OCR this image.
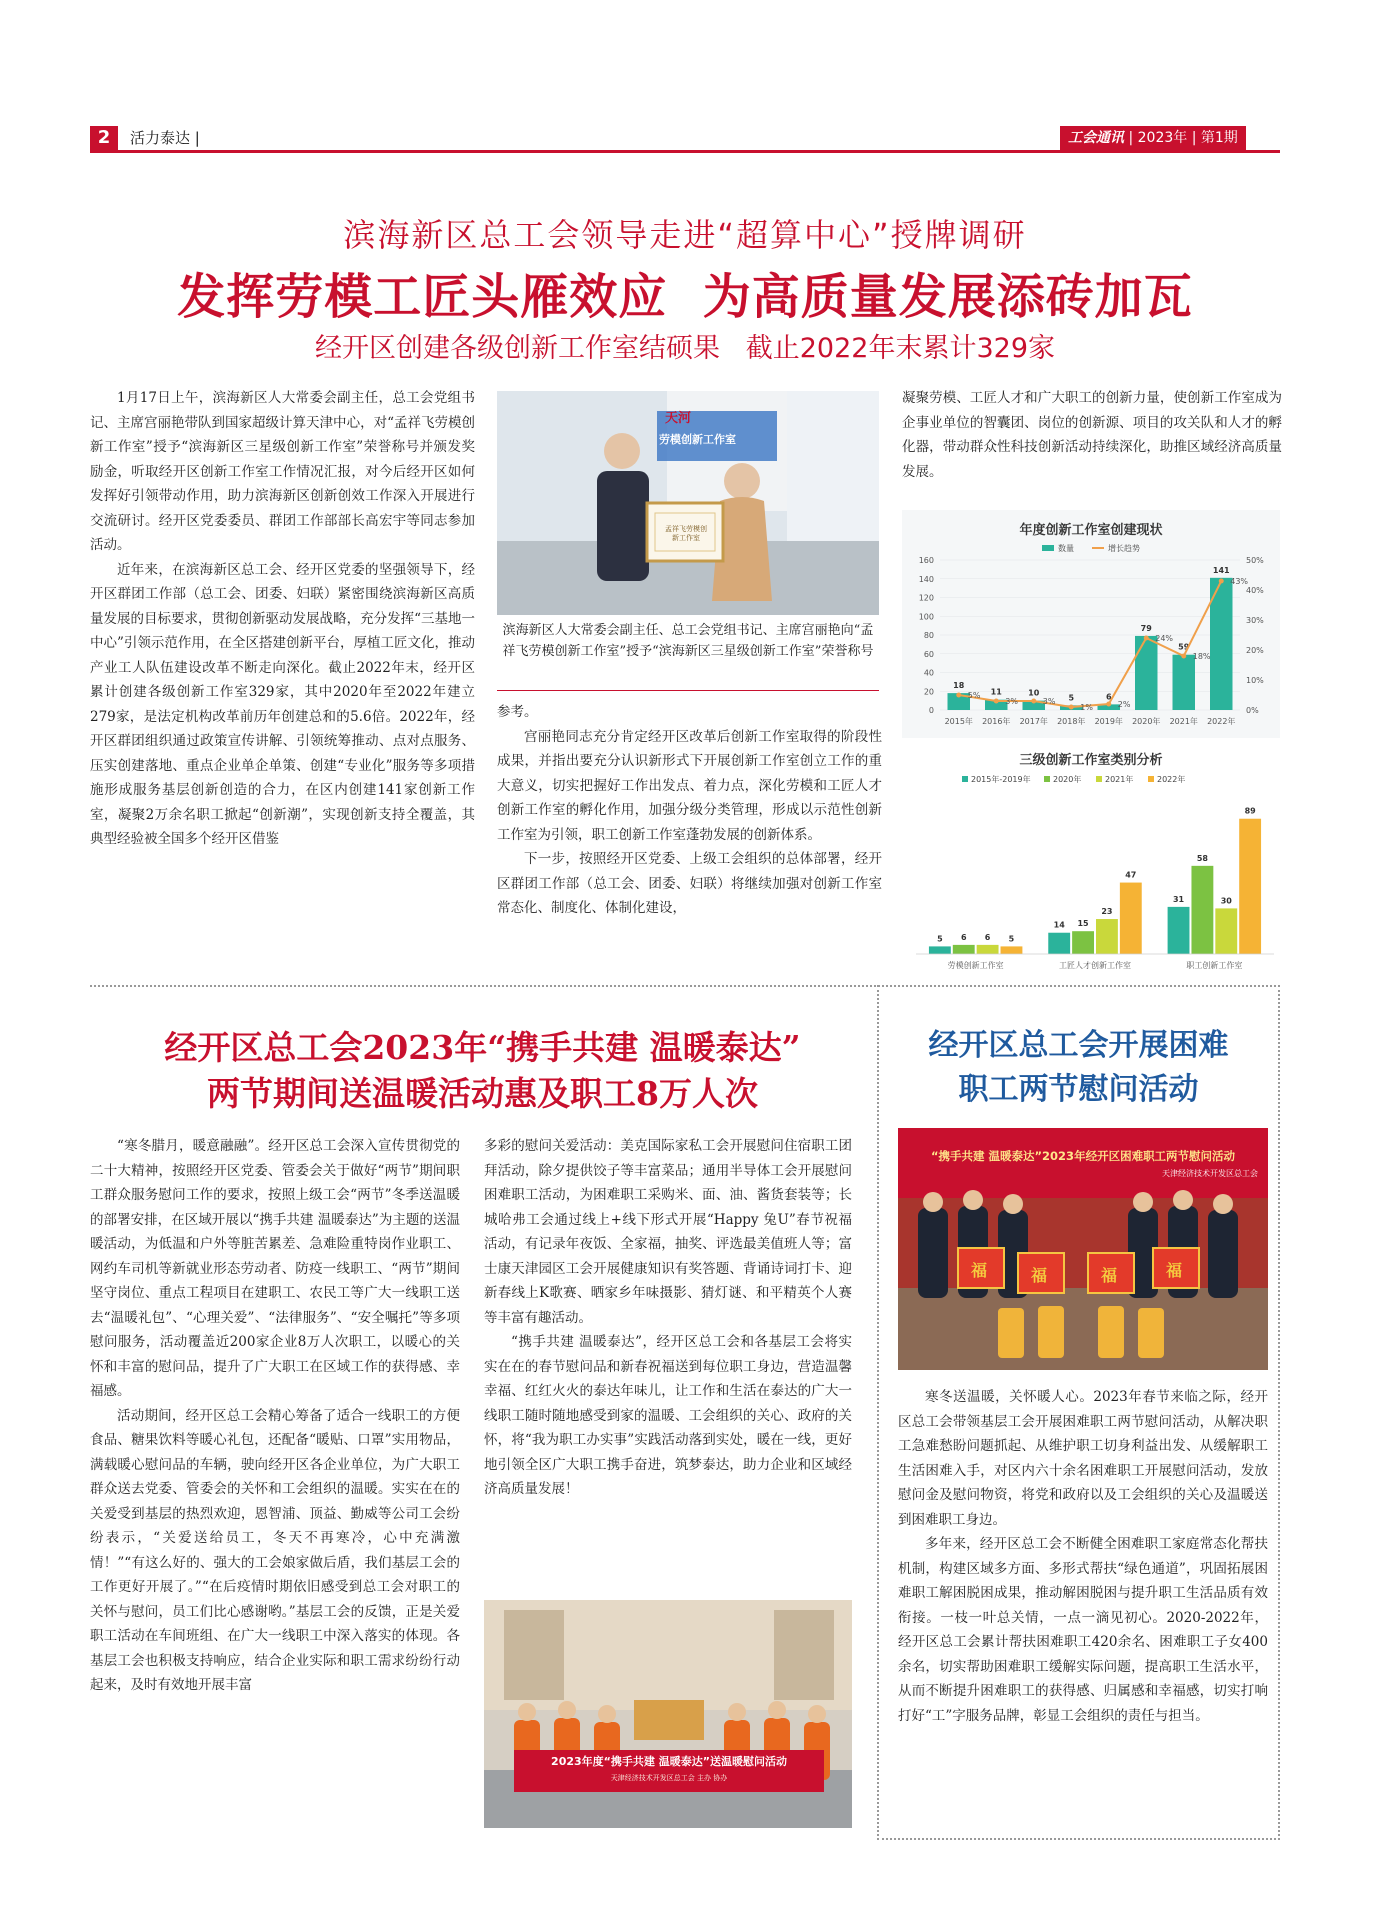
2	活力泰达 |	工会通讯 | 2023年 | 第1期
滨海新区总工会领导走进“超算中心”授牌调研
发挥劳模工匠头雁效应  为高质量发展添砖加瓦
经开区创建各级创新工作室结硕果   截止2022年末累计329家

1月17日上午，滨海新区人大常委会副主任，总工会党组书记、主席宫丽艳带队到国家超级计算天津中心，对“孟祥飞劳模创新工作室”授予“滨海新区三星级创新工作室”荣誉称号并颁发奖励金，听取经开区创新工作室工作情况汇报，对今后经开区如何发挥好引领带动作用，助力滨海新区创新创效工作深入开展进行交流研讨。经开区党委委员、群团工作部部长高宏宇等同志参加活动。

近年来，在滨海新区总工会、经开区党委的坚强领导下，经开区群团工作部（总工会、团委、妇联）紧密围绕滨海新区高质量发展的目标要求，贯彻创新驱动发展战略，充分发挥“三基地一中心”引领示范作用，在全区搭建创新平台，厚植工匠文化，推动产业工人队伍建设改革不断走向深化。截止2022年末，经开区累计创建各级创新工作室329家，其中2020年至2022年建立279家，是法定机构改革前历年创建总和的5.6倍。2022年，经开区群团组织通过政策宣传讲解、引领统筹推动、点对点服务、压实创建落地、重点企业单企单策、创建“专业化”服务等多项措施形成服务基层创新创造的合力，在区内创建141家创新工作室，凝聚2万余名职工掀起“创新潮”，实现创新支持全覆盖，其典型经验被全国多个经开区借鉴

天河
劳模创新工作室
孟祥飞劳模创新工作室
滨海新区人大常委会副主任、总工会党组书记、主席宫丽艳向“孟祥飞劳模创新工作室”授予“滨海新区三星级创新工作室”荣誉称号

参考。

宫丽艳同志充分肯定经开区改革后创新工作室取得的阶段性成果，并指出要充分认识新形式下开展创新工作室创立工作的重大意义，切实把握好工作出发点、着力点，深化劳模和工匠人才创新工作室的孵化作用，加强分级分类管理，形成以示范性创新工作室为引领，职工创新工作室蓬勃发展的创新体系。

下一步，按照经开区党委、上级工会组织的总体部署，经开区群团工作部（总工会、团委、妇联）将继续加强对创新工作室常态化、制度化、体制化建设，

凝聚劳模、工匠人才和广大职工的创新力量，使创新工作室成为企事业单位的智囊团、岗位的创新源、项目的攻关队和人才的孵化器，带动群众性科技创新活动持续深化，助推区域经济高质量发展。

年度创新工作室创建现状
数量	增长趋势
0
20
40
60
80
100
120
140
160
0%
10%
20%
30%
40%
50%
18
2015年
11
2016年
10
2017年
5
2018年
6
2019年
79
2020年
59
2021年
141
2022年
5%
3%	3%
1%	2%
24%
18%
43%
三级创新工作室类别分析
2015年-2019年	2020年	2021年	2022年
5 6 6 5
劳模创新工作室
14 15
23
47
工匠人才创新工作室
31
58
30
89
职工创新工作室
经开区总工会2023年“携手共建 温暖泰达”
两节期间送温暖活动惠及职工8万人次

“寒冬腊月，暖意融融”。经开区总工会深入宣传贯彻党的二十大精神，按照经开区党委、管委会关于做好“两节”期间职工群众服务慰问工作的要求，按照上级工会“两节”冬季送温暖的部署安排，在区域开展以“携手共建 温暖泰达”为主题的送温暖活动，为低温和户外等脏苦累差、急难险重特岗作业职工、网约车司机等新就业形态劳动者、防疫一线职工、“两节”期间坚守岗位、重点工程项目在建职工、农民工等广大一线职工送去“温暖礼包”、“心理关爱”、“法律服务”、“安全嘱托”等多项慰问服务，活动覆盖近200家企业8万人次职工，以暖心的关怀和丰富的慰问品，提升了广大职工在区域工作的获得感、幸福感。

活动期间，经开区总工会精心筹备了适合一线职工的方便食品、糖果饮料等暖心礼包，还配备“暖贴、口罩”实用物品，满载暖心慰问品的车辆，驶向经开区各企业单位，为广大职工群众送去党委、管委会的关怀和工会组织的温暖。实实在在的关爱受到基层的热烈欢迎，恩智浦、顶益、勤威等公司工会纷纷表示，“关爱送给员工，冬天不再寒冷，心中充满激情！”“有这么好的、强大的工会娘家做后盾，我们基层工会的工作更好开展了。”“在后疫情时期依旧感受到总工会对职工的关怀与慰问，员工们比心感谢哟。”基层工会的反馈，正是关爱职工活动在车间班组、在广大一线职工中深入落实的体现。各基层工会也积极支持响应，结合企业实际和职工需求纷纷行动起来，及时有效地开展丰富

多彩的慰问关爱活动：美克国际家私工会开展慰问住宿职工团拜活动，除夕提供饺子等丰富菜品；通用半导体工会开展慰问困难职工活动，为困难职工采购米、面、油、酱货套装等；长城哈弗工会通过线上+线下形式开展“Happy 兔U”春节祝福活动，有记录年夜饭、全家福，抽奖、评选最美值班人等；富士康天津园区工会开展健康知识有奖答题、背诵诗词打卡、迎新春线上K歌赛、晒家乡年味摄影、猜灯谜、和平精英个人赛等丰富有趣活动。

“携手共建 温暖泰达”，经开区总工会和各基层工会将实实在在的春节慰问品和新春祝福送到每位职工身边，营造温馨幸福、红红火火的泰达年味儿，让工作和生活在泰达的广大一线职工随时随地感受到家的温暖、工会组织的关心、政府的关怀，将“我为职工办实事”实践活动落到实处，暖在一线，更好地引领全区广大职工携手奋进，筑梦泰达，助力企业和区域经济高质量发展！

2023年度“携手共建 温暖泰达”送温暖慰问活动
天津经济技术开发区总工会 主办 协办
经开区总工会开展困难
职工两节慰问活动
“携手共建 温暖泰达”2023年经开区困难职工两节慰问活动
天津经济技术开发区总工会
福	福	福	福

寒冬送温暖，关怀暖人心。2023年春节来临之际，经开区总工会带领基层工会开展困难职工两节慰问活动，从解决职工急难愁盼问题抓起、从维护职工切身利益出发、从缓解职工生活困难入手，对区内六十余名困难职工开展慰问活动，发放慰问金及慰问物资，将党和政府以及工会组织的关心及温暖送到困难职工身边。

多年来，经开区总工会不断健全困难职工家庭常态化帮扶机制，构建区域多方面、多形式帮扶“绿色通道”，巩固拓展困难职工解困脱困成果，推动解困脱困与提升职工生活品质有效衔接。一枝一叶总关情，一点一滴见初心。2020-2022年，经开区总工会累计帮扶困难职工420余名、困难职工子女400余名，切实帮助困难职工缓解实际问题，提高职工生活水平，从而不断提升困难职工的获得感、归属感和幸福感，切实打响打好“工”字服务品牌，彰显工会组织的责任与担当。
